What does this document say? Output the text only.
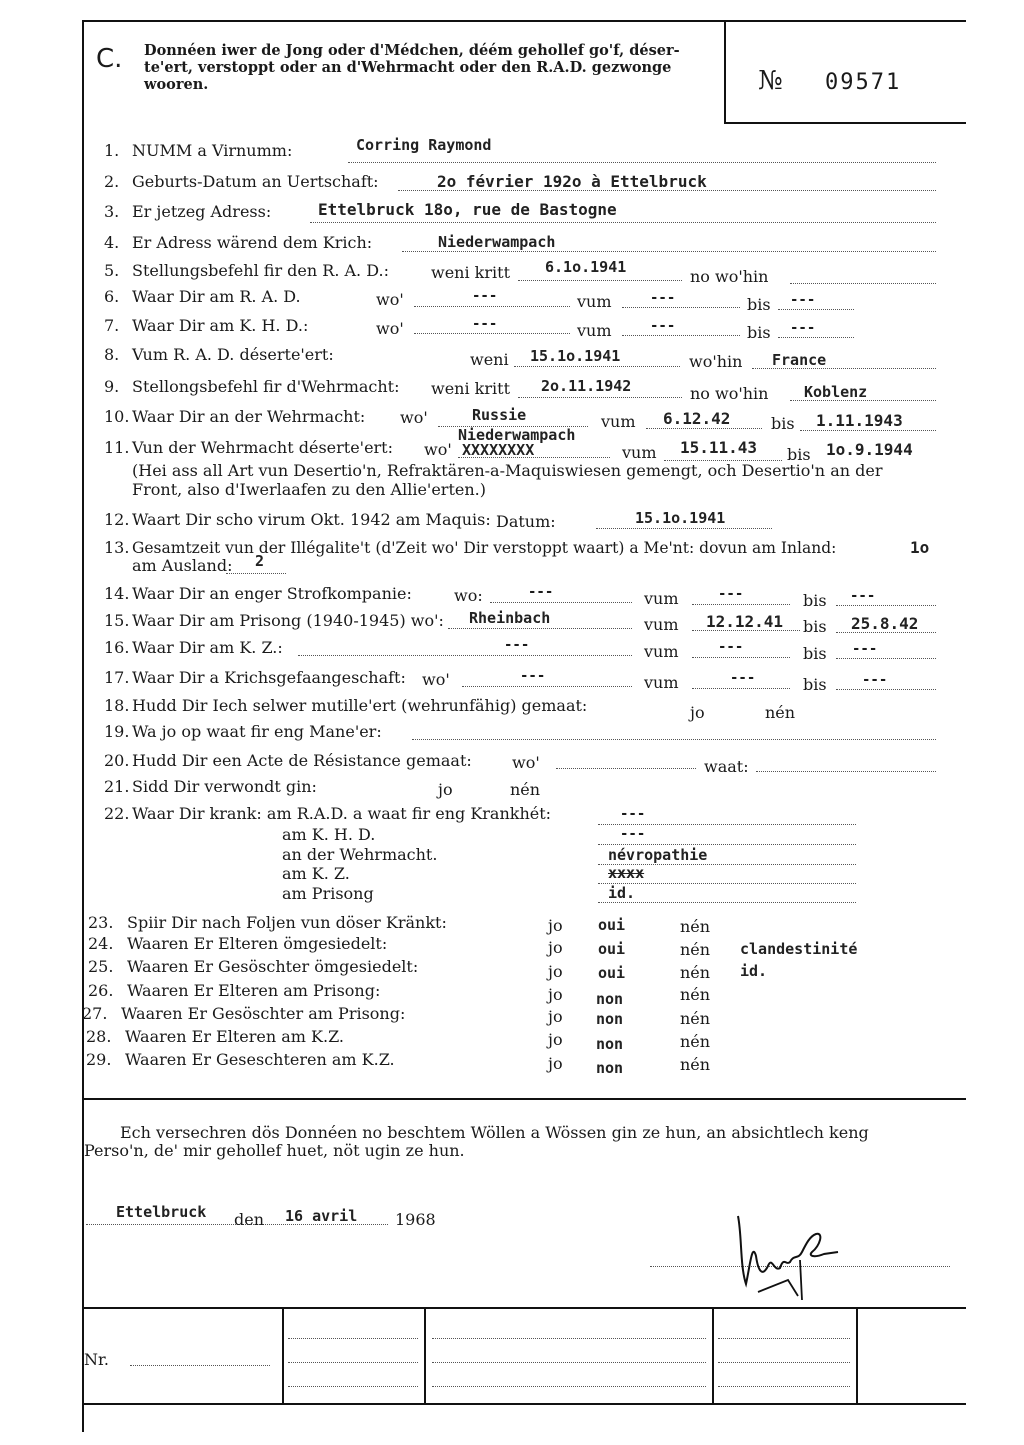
C. Donnéen iwer de Jong oder d'Médchen, déém gehollef go'f, déser-
te'ert, verstoppt oder an d'Wehrmacht oder den R.A.D. gezwonge
wooren.	№ 09571
1. NUMM a Virnumm:	Corring Raymond
2. Geburts-Datum an Uertschaft:	2o février 192o à Ettelbruck
3. Er jetzeg Adress:	Ettelbruck 18o, rue de Bastogne
4. Er Adress wärend dem Krich:	Niederwampach
5. Stellungsbefehl fir den R. A. D.:	weni kritt 6.1o.1941	no wo'hin
6. Waar Dir am R. A. D.	wo'	---	vum	---	bis ---
7. Waar Dir am K. H. D.:	wo'	---	vum	---	bis ---
8. Vum R. A. D. déserte'ert:	weni 15.1o.1941	wo'hin France
9. Stellongsbefehl fir d'Wehrmacht: weni kritt 2o.11.1942	no wo'hin Koblenz
10. Waar Dir an der Wehrmacht: wo'	Russie	vum 6.12.42	bis 1.11.1943
11. Vun der Wehrmacht déserte'ert: wo'
Niederwampach
XXXXXXXX	vum 15.11.43 bis 1o.9.1944
(Hei ass all Art vun Desertio'n, Refraktären-a-Maquiswiesen gemengt, och Desertio'n an der
Front, also d'Iwerlaafen zu den Allie'erten.)
12. Waart Dir scho virum Okt. 1942 am Maquis: Datum:	15.1o.1941
13. Gesamtzeit vun der Illégalite't (d'Zeit wo' Dir verstoppt waart) a Me'nt: dovun am Inland:	1o
am Ausland: 2
14. Waar Dir an enger Strofkompanie:	wo:	---	vum	---	bis ---
15. Waar Dir am Prisong (1940-1945) wo': Rheinbach	vum 12.12.41 bis 25.8.42
16. Waar Dir am K. Z.:	---	vum	---	bis ---
17. Waar Dir a Krichsgefaangeschaft: wo'	---	vum	---	bis	---
18. Hudd Dir Iech selwer mutille'ert (wehrunfähig) gemaat:	jo	nén
19. Wa jo op waat fir eng Mane'er:
20. Hudd Dir een Acte de Résistance gemaat:	wo'	waat:
21. Sidd Dir verwondt gin:	jo	nén
22. Waar Dir krank: am R.A.D. a waat fir eng Krankhét:	---
am K. H. D.	---
an der Wehrmacht.	névropathie
am K. Z.	xxxx
am Prisong	id.
23. Spiir Dir nach Foljen vun döser Kränkt:	jo oui	nén
24. Waaren Er Elteren ömgesiedelt:	jo oui	nén clandestinité
25. Waaren Er Gesöschter ömgesiedelt:	jo oui	nén id.
26. Waaren Er Elteren am Prisong:	jo non	nén
27. Waaren Er Gesöschter am Prisong:	jo non	nén
28. Waaren Er Elteren am K.Z.	jo non	nén
29. Waaren Er Geseschteren am K.Z.	jo non	nén
Ech versechren dös Donnéen no beschtem Wöllen a Wössen gin ze hun, an absichtlech keng
Perso'n, de' mir gehollef huet, nöt ugin ze hun.
Ettelbruck den 16 avril 1968
Nr.
